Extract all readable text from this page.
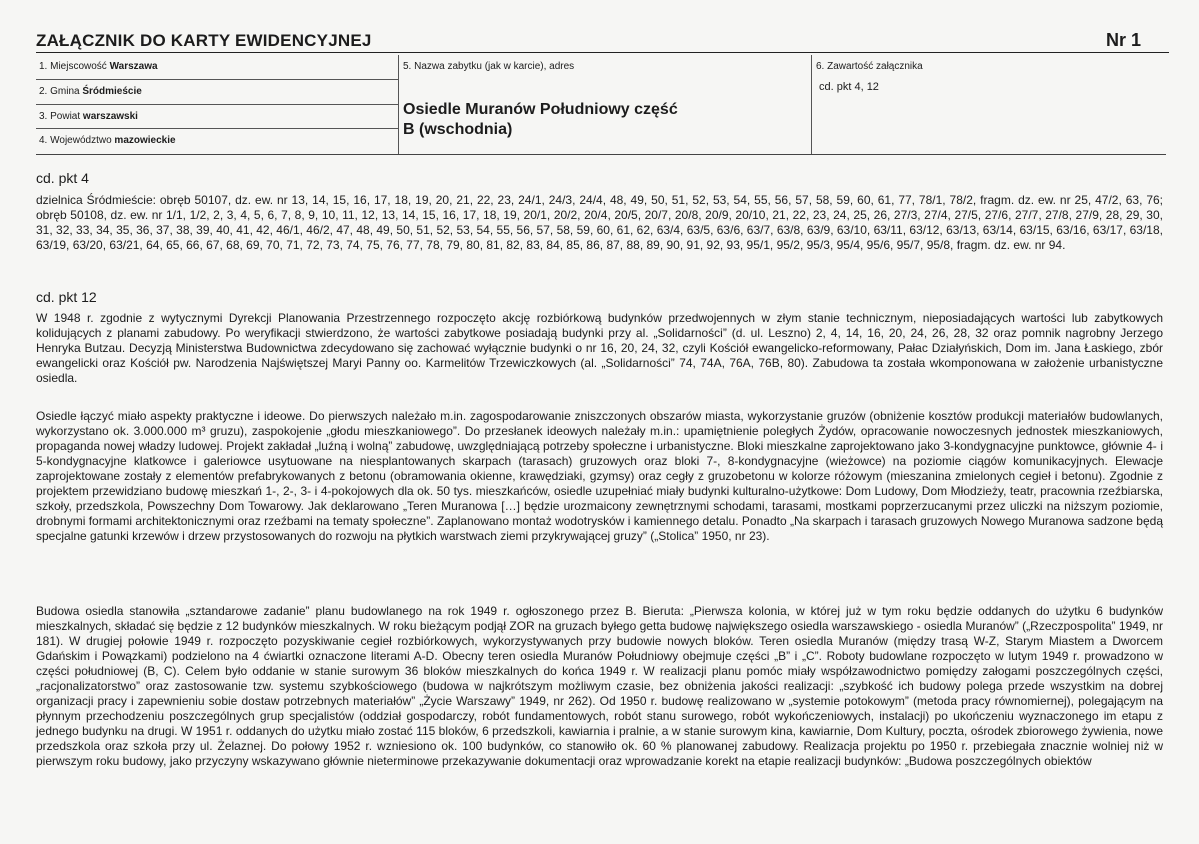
ZAŁĄCZNIK DO KARTY EWIDENCYJNEJ	Nr 1
1. Miejscowość Warszawa
2. Gmina Śródmieście
3. Powiat warszawski
4. Województwo mazowieckie
5. Nazwa zabytku (jak w karcie), adres
Osiedle Muranów Południowy część
B (wschodnia)
6. Zawartość załącznika
cd. pkt 4, 12
cd. pkt 4

dzielnica Śródmieście: obręb 50107, dz. ew. nr 13, 14, 15, 16, 17, 18, 19, 20, 21, 22, 23, 24/1, 24/3, 24/4, 48, 49, 50, 51, 52, 53, 54, 55, 56, 57, 58, 59, 60, 61, 77, 78/1, 78/2, fragm. dz. ew. nr 25, 47/2, 63, 76; obręb 50108, dz. ew. nr 1/1, 1/2, 2, 3, 4, 5, 6, 7, 8, 9, 10, 11, 12, 13, 14, 15, 16, 17, 18, 19, 20/1, 20/2, 20/4, 20/5, 20/7, 20/8, 20/9, 20/10, 21, 22, 23, 24, 25, 26, 27/3, 27/4, 27/5, 27/6, 27/7, 27/8, 27/9, 28, 29, 30, 31, 32, 33, 34, 35, 36, 37, 38, 39, 40, 41, 42, 46/1, 46/2, 47, 48, 49, 50, 51, 52, 53, 54, 55, 56, 57, 58, 59, 60, 61, 62, 63/4, 63/5, 63/6, 63/7, 63/8, 63/9, 63/10, 63/11, 63/12, 63/13, 63/14, 63/15, 63/16, 63/17, 63/18, 63/19, 63/20, 63/21, 64, 65, 66, 67, 68, 69, 70, 71, 72, 73, 74, 75, 76, 77, 78, 79, 80, 81, 82, 83, 84, 85, 86, 87, 88, 89, 90, 91, 92, 93, 95/1, 95/2, 95/3, 95/4, 95/6, 95/7, 95/8, fragm. dz. ew. nr 94.

cd. pkt 12

W 1948 r. zgodnie z wytycznymi Dyrekcji Planowania Przestrzennego rozpoczęto akcję rozbiórkową budynków przedwojennych w złym stanie technicznym, nieposiadających wartości lub zabytkowych kolidujących z planami zabudowy. Po weryfikacji stwierdzono, że wartości zabytkowe posiadają budynki przy al. „Solidarności” (d. ul. Leszno) 2, 4, 14, 16, 20, 24, 26, 28, 32 oraz pomnik nagrobny Jerzego Henryka Butzau. Decyzją Ministerstwa Budownictwa zdecydowano się zachować wyłącznie budynki o nr 16, 20, 24, 32, czyli Kościół ewangelicko-reformowany, Pałac Działyńskich, Dom im. Jana Łaskiego, zbór ewangelicki oraz Kościół pw. Narodzenia Najświętszej Maryi Panny oo. Karmelitów Trzewiczkowych (al. „Solidarności” 74, 74A, 76A, 76B, 80). Zabudowa ta została wkomponowana w założenie urbanistyczne osiedla.

Osiedle łączyć miało aspekty praktyczne i ideowe. Do pierwszych należało m.in. zagospodarowanie zniszczonych obszarów miasta, wykorzystanie gruzów (obniżenie kosztów produkcji materiałów budowlanych, wykorzystano ok. 3.000.000 m³ gruzu), zaspokojenie „głodu mieszkaniowego”. Do przesłanek ideowych należały m.in.: upamiętnienie poległych Żydów, opracowanie nowoczesnych jednostek mieszkaniowych, propaganda nowej władzy ludowej. Projekt zakładał „luźną i wolną” zabudowę, uwzględniającą potrzeby społeczne i urbanistyczne. Bloki mieszkalne zaprojektowano jako 3-kondygnacyjne punktowce, głównie 4- i 5-kondygnacyjne klatkowce i galeriowce usytuowane na niesplantowanych skarpach (tarasach) gruzowych oraz bloki 7-, 8-kondygnacyjne (wieżowce) na poziomie ciągów komunikacyjnych. Elewacje zaprojektowane zostały z elementów prefabrykowanych z betonu (obramowania okienne, krawędziaki, gzymsy) oraz cegły z gruzobetonu w kolorze różowym (mieszanina zmielonych cegieł i betonu). Zgodnie z projektem przewidziano budowę mieszkań 1-, 2-, 3- i 4-pokojowych dla ok. 50 tys. mieszkańców, osiedle uzupełniać miały budynki kulturalno-użytkowe: Dom Ludowy, Dom Młodzieży, teatr, pracownia rzeźbiarska, szkoły, przedszkola, Powszechny Dom Towarowy. Jak deklarowano „Teren Muranowa […] będzie urozmaicony zewnętrznymi schodami, tarasami, mostkami poprzerzucanymi przez uliczki na niższym poziomie, drobnymi formami architektonicznymi oraz rzeźbami na tematy społeczne”. Zaplanowano montaż wodotrysków i kamiennego detalu. Ponadto „Na skarpach i tarasach gruzowych Nowego Muranowa sadzone będą specjalne gatunki krzewów i drzew przystosowanych do rozwoju na płytkich warstwach ziemi przykrywającej gruzy” („Stolica” 1950, nr 23).

Budowa osiedla stanowiła „sztandarowe zadanie” planu budowlanego na rok 1949 r. ogłoszonego przez B. Bieruta: „Pierwsza kolonia, w której już w tym roku będzie oddanych do użytku 6 budynków mieszkalnych, składać się będzie z 12 budynków mieszkalnych. W roku bieżącym podjął ZOR na gruzach byłego getta budowę największego osiedla warszawskiego - osiedla Muranów” („Rzeczpospolita” 1949, nr 181). W drugiej połowie 1949 r. rozpoczęto pozyskiwanie cegieł rozbiórkowych, wykorzystywanych przy budowie nowych bloków. Teren osiedla Muranów (między trasą W-Z, Starym Miastem a Dworcem Gdańskim i Powązkami) podzielono na 4 ćwiartki oznaczone literami A-D. Obecny teren osiedla Muranów Południowy obejmuje części „B” i „C”. Roboty budowlane rozpoczęto w lutym 1949 r. prowadzono w części południowej (B, C). Celem było oddanie w stanie surowym 36 bloków mieszkalnych do końca 1949 r. W realizacji planu pomóc miały współzawodnictwo pomiędzy załogami poszczególnych części, „racjonalizatorstwo” oraz zastosowanie tzw. systemu szybkościowego (budowa w najkrótszym możliwym czasie, bez obniżenia jakości realizacji: „szybkość ich budowy polega przede wszystkim na dobrej organizacji pracy i zapewnieniu sobie dostaw potrzebnych materiałów” „Życie Warszawy” 1949, nr 262). Od 1950 r. budowę realizowano w „systemie potokowym” (metoda pracy równomiernej), polegającym na płynnym przechodzeniu poszczególnych grup specjalistów (oddział gospodarczy, robót fundamentowych, robót stanu surowego, robót wykończeniowych, instalacji) po ukończeniu wyznaczonego im etapu z jednego budynku na drugi. W 1951 r. oddanych do użytku miało zostać 115 bloków, 6 przedszkoli, kawiarnia i pralnie, a w stanie surowym kina, kawiarnie, Dom Kultury, poczta, ośrodek zbiorowego żywienia, nowe przedszkola oraz szkoła przy ul. Żelaznej. Do połowy 1952 r. wzniesiono ok. 100 budynków, co stanowiło ok. 60 % planowanej zabudowy. Realizacja projektu po 1950 r. przebiegała znacznie wolniej niż w pierwszym roku budowy, jako przyczyny wskazywano głównie nieterminowe przekazywanie dokumentacji oraz wprowadzanie korekt na etapie realizacji budynków: „Budowa poszczególnych obiektów
